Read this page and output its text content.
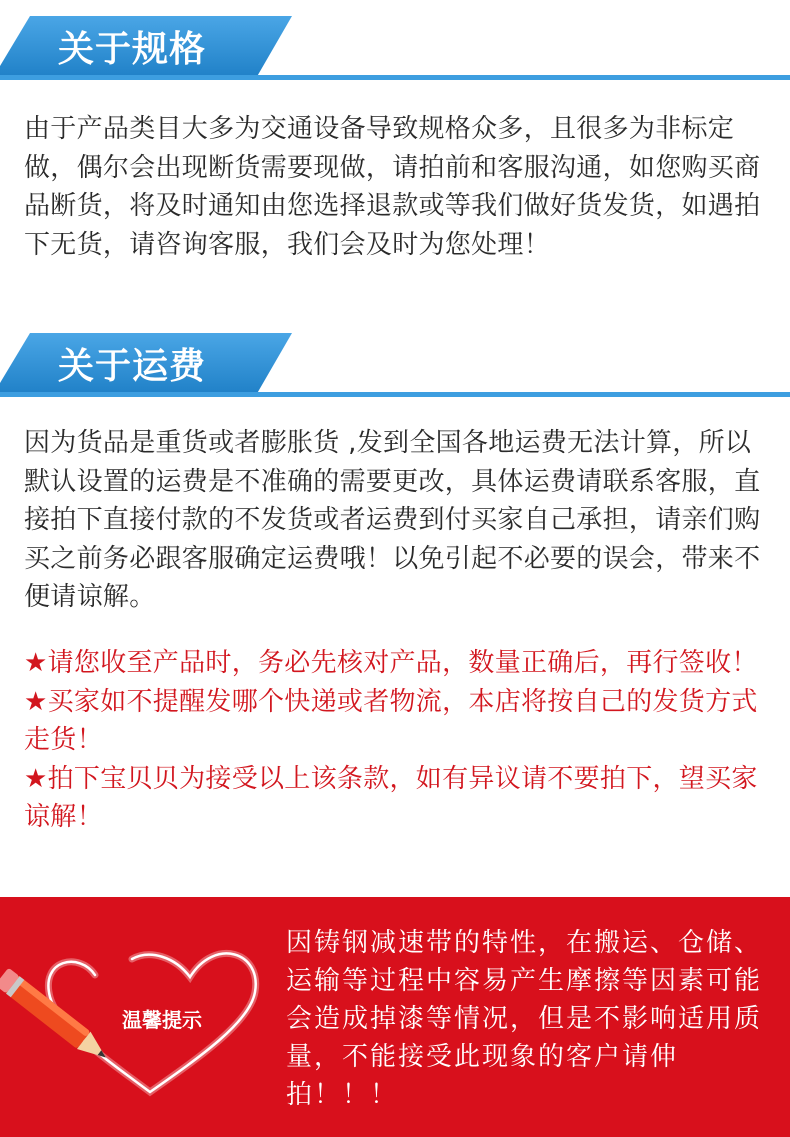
关于规格
由于产品类目大多为交通设备导致规格众多，且很多为非标定做，偶尔会出现断货需要现做，请拍前和客服沟通，如您购买商品断货，将及时通知由您选择退款或等我们做好货发货，如遇拍下无货，请咨询客服，我们会及时为您处理！
关于运费
因为货品是重货或者膨胀货 ,发到全国各地运费无法计算，所以默认设置的运费是不准确的需要更改，具体运费请联系客服，直接拍下直接付款的不发货或者运费到付买家自己承担，请亲们购买之前务必跟客服确定运费哦！以免引起不必要的误会，带来不便请谅解。

★请您收至产品时，务必先核对产品，数量正确后，再行签收！

★买家如不提醒发哪个快递或者物流，本店将按自己的发货方式走货！

★拍下宝贝贝为接受以上该条款，如有异议请不要拍下，望买家谅解！

温馨提示
因铸钢减速带的特性，在搬运、仓储、运输等过程中容易产生摩擦等因素可能会造成掉漆等情况，但是不影响适用质量，不能接受此现象的客户请伸拍！！！
